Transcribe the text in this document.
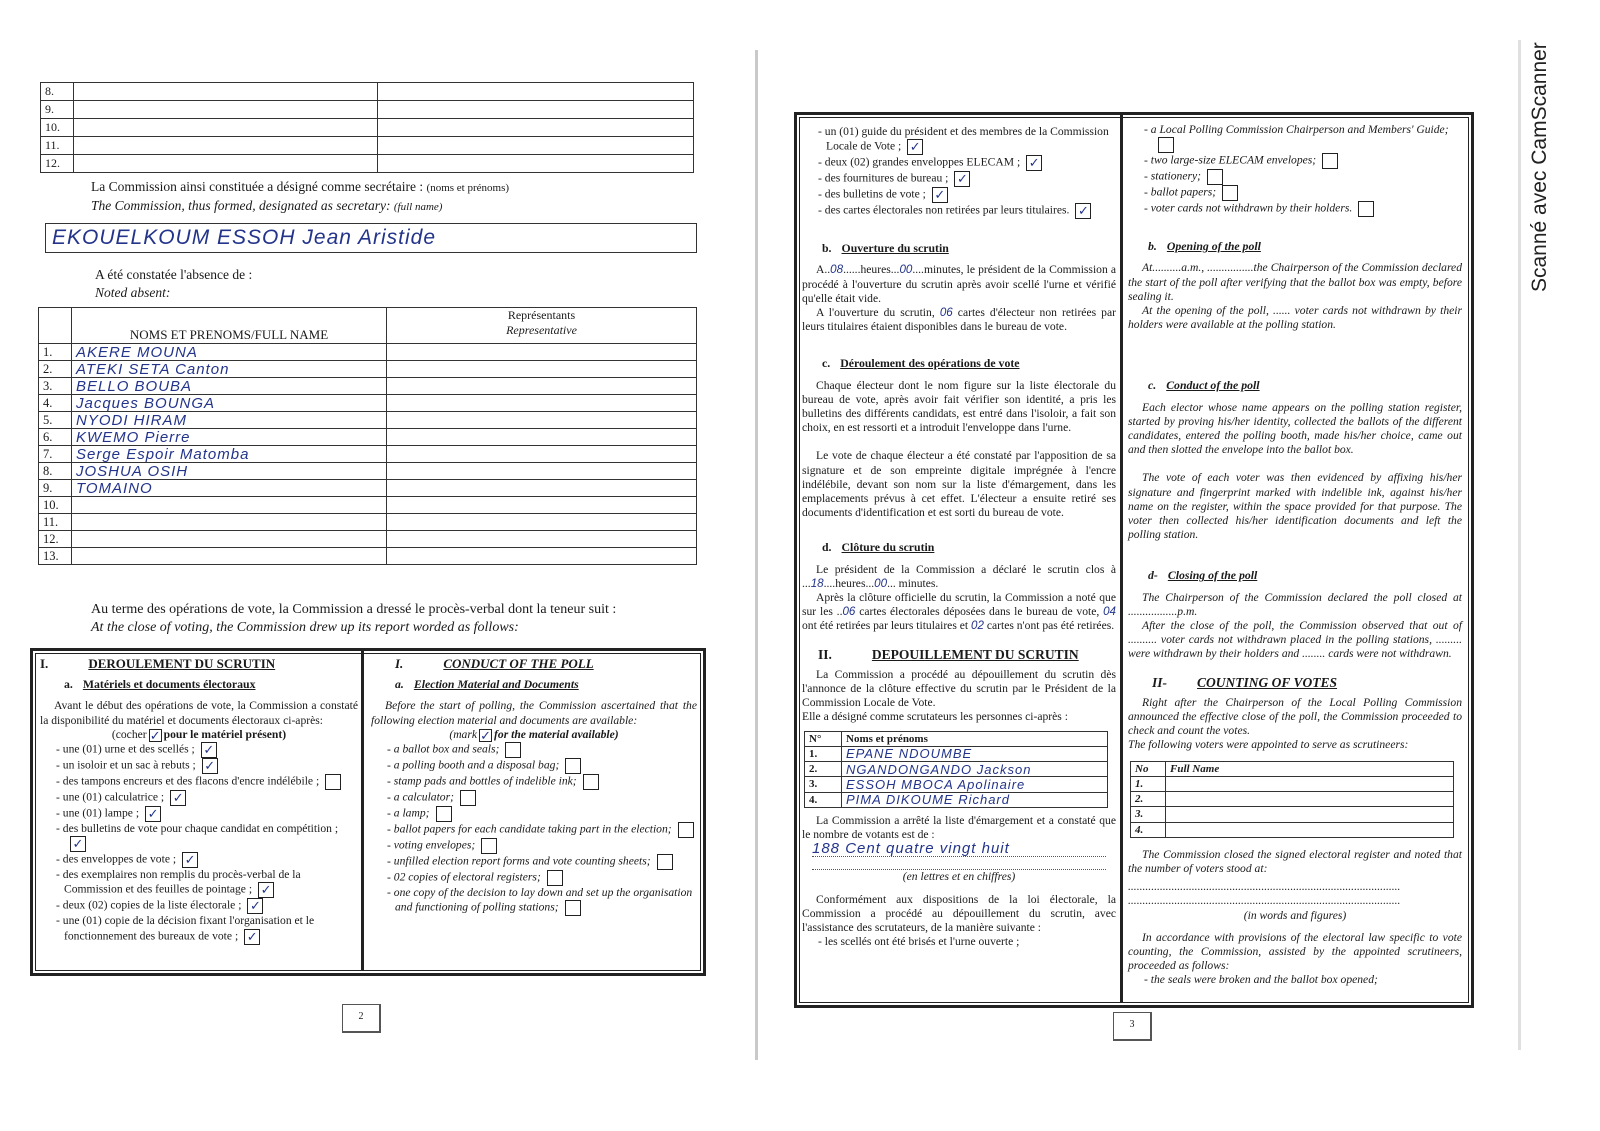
8.		
9.		
10.		
11.		
12.		
La Commission ainsi constituée a désigné comme secrétaire : (noms et prénoms)
The Commission, thus formed, designated as secretary: (full name)
EKOUELKOUM ESSOH Jean Aristide
A été constatée l'absence de :
Noted absent:
	NOMS ET PRENOMS/FULL NAME	Représentants
Representative

1.	AKERE MOUNA	
2.	ATEKI SETA Canton	
3.	BELLO BOUBA	
4.	Jacques BOUNGA	
5.	NYODI HIRAM	
6.	KWEMO Pierre	
7.	Serge Espoir Matomba	
8.	JOSHUA OSIH	
9.	TOMAINO	
10.		
11.		
12.		
13.		
Au terme des opérations de vote, la Commission a dressé le procès-verbal dont la teneur suit :
At the close of voting, the Commission drew up its report worded as follows:
I.	DEROULEMENT DU SCRUTIN
a. Matériels et documents électoraux

Avant le début des opérations de vote, la Commission a constaté la disponibilité du matériel et documents électoraux ci-après:

(cocher ✓ pour le matériel présent)
- une (01) urne et des scellés ; ✓
- un isoloir et un sac à rebuts ; ✓
- des tampons encreurs et des flacons d'encre indélébile ;
- une (01) calculatrice ; ✓
- une (01) lampe ; ✓
- des bulletins de vote pour chaque candidat en compétition ;✓
- des enveloppes de vote ; ✓
- des exemplaires non remplis du procès-verbal de la Commission et des feuilles de pointage ; ✓
- deux (02) copies de la liste électorale ; ✓
- une (01) copie de la décision fixant l'organisation et le fonctionnement des bureaux de vote ; ✓
I.	CONDUCT OF THE POLL
a. Election Material and Documents

Before the start of polling, the Commission ascertained that the following election material and documents are available:

(mark ✓ for the material available)
- a ballot box and seals;
- a polling booth and a disposal bag;
- stamp pads and bottles of indelible ink;
- a calculator;
- a lamp;
- ballot papers for each candidate taking part in the election;
- voting envelopes;
- unfilled election report forms and vote counting sheets;
- 02 copies of electoral registers;
- one copy of the decision to lay down and set up the organisation and functioning of polling stations;
2
- un (01) guide du président et des membres de la Commission Locale de Vote ; ✓
- deux (02) grandes enveloppes ELECAM ; ✓
- des fournitures de bureau ; ✓
- des bulletins de vote ; ✓
- des cartes électorales non retirées par leurs titulaires. ✓
b. Ouverture du scrutin

A..08......heures...00....minutes, le président de la Commission a procédé à l'ouverture du scrutin après avoir scellé l'urne et vérifié qu'elle était vide.

A l'ouverture du scrutin, 06 cartes d'électeur non retirées par leurs titulaires étaient disponibles dans le bureau de vote.

c. Déroulement des opérations de vote

Chaque électeur dont le nom figure sur la liste électorale du bureau de vote, après avoir fait vérifier son identité, a pris les bulletins des différents candidats, est entré dans l'isoloir, a fait son choix, en est ressorti et a introduit l'enveloppe dans l'urne.

Le vote de chaque électeur a été constaté par l'apposition de sa signature et de son empreinte digitale imprégnée à l'encre indélébile, devant son nom sur la liste d'émargement, dans les emplacements prévus à cet effet. L'électeur a ensuite retiré ses documents d'identification et est sorti du bureau de vote.

d. Clôture du scrutin

Le président de la Commission a déclaré le scrutin clos à ...18....heures...00... minutes.

Après la clôture officielle du scrutin, la Commission a noté que sur les ..06 cartes électorales déposées dans le bureau de vote, 04 ont été retirées par leurs titulaires et 02 cartes n'ont pas été retirées.

II.	DEPOUILLEMENT DU SCRUTIN

La Commission a procédé au dépouillement du scrutin dès l'annonce de la clôture effective du scrutin par le Président de la Commission Locale de Vote.

Elle a désigné comme scrutateurs les personnes ci-après :
N°	Noms et prénoms
1.	EPANE NDOUMBE
2.	NGANDONGANDO Jackson
3.	ESSOH MBOCA Apolinaire
4.	PIMA DIKOUME Richard

La Commission a arrêté la liste d'émargement et a constaté que le nombre de votants est de :

188 Cent quatre vingt huit
(en lettres et en chiffres)

Conformément aux dispositions de la loi électorale, la Commission a procédé au dépouillement du scrutin, avec l'assistance des scrutateurs, de la manière suivante :

- les scellés ont été brisés et l'urne ouverte ;
- a Local Polling Commission Chairperson and Members' Guide;
- two large-size ELECAM envelopes;
- stationery;
- ballot papers;
- voter cards not withdrawn by their holders.
b. Opening of the poll

At..........a.m., ................the Chairperson of the Commission declared the start of the poll after verifying that the ballot box was empty, before sealing it.

At the opening of the poll, ...... voter cards not withdrawn by their holders were available at the polling station.

c. Conduct of the poll

Each elector whose name appears on the polling station register, started by proving his/her identity, collected the ballots of the different candidates, entered the polling booth, made his/her choice, came out and then slotted the envelope into the ballot box.

The vote of each voter was then evidenced by affixing his/her signature and fingerprint marked with indelible ink, against his/her name on the register, within the space provided for that purpose. The voter then collected his/her identification documents and left the polling station.

d- Closing of the poll

The Chairperson of the Commission declared the poll closed at .................p.m.

After the close of the poll, the Commission observed that out of .......... voter cards not withdrawn placed in the polling stations, ......... were withdrawn by their holders and ........ cards were not withdrawn.

II- COUNTING OF VOTES

Right after the Chairperson of the Local Polling Commission announced the effective close of the poll, the Commission proceeded to check and count the votes.

The following voters were appointed to serve as scrutineers:
No	Full Name
1.	
2.	
3.	
4.	

The Commission closed the signed electoral register and noted that the number of voters stood at:

..............................................................................................
..............................................................................................
(in words and figures)

In accordance with provisions of the electoral law specific to vote counting, the Commission, assisted by the appointed scrutineers, proceeded as follows:

- the seals were broken and the ballot box opened;
3
Scanné avec CamScanner
